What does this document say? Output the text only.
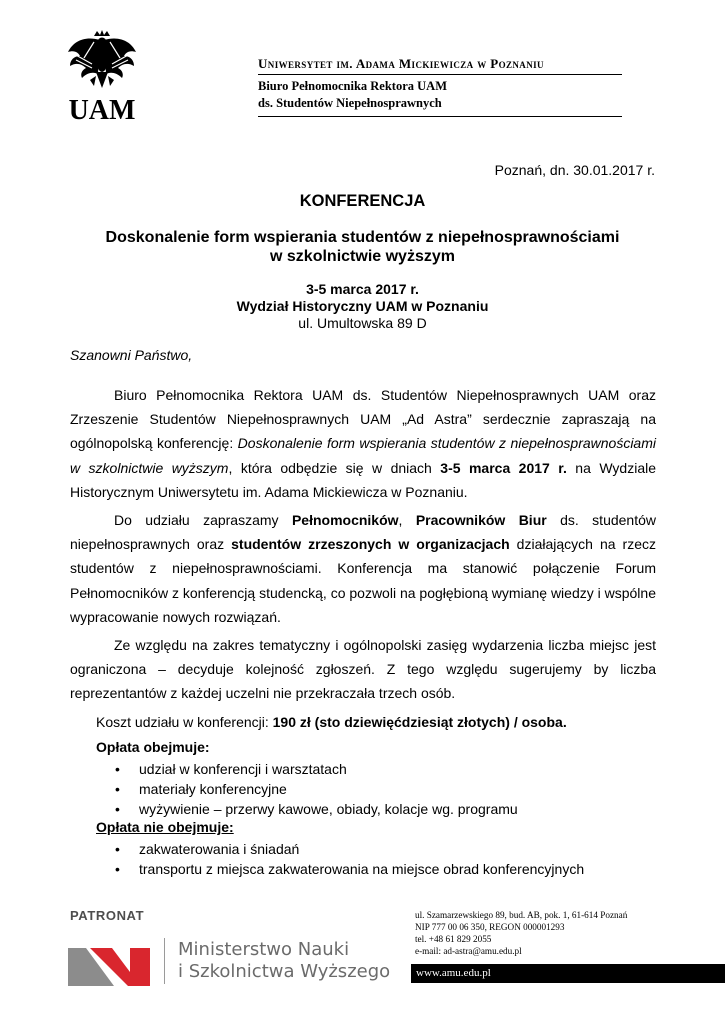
UAM
Uniwersytet im. Adama Mickiewicza w Poznaniu
Biuro Pełnomocnika Rektora UAM
ds. Studentów Niepełnosprawnych
Poznań, dn. 30.01.2017 r.
KONFERENCJA
Doskonalenie form wspierania studentów z niepełnosprawnościami
w szkolnictwie wyższym
3-5 marca 2017 r.
Wydział Historyczny UAM w Poznaniu
ul. Umultowska 89 D
Szanowni Państwo,

Biuro Pełnomocnika Rektora UAM ds. Studentów Niepełnosprawnych UAM oraz Zrzeszenie Studentów Niepełnosprawnych UAM „Ad Astra” serdecznie zapraszają na ogólnopolską konferencję: Doskonalenie form wspierania studentów z niepełnosprawnościami w szkolnictwie wyższym, która odbędzie się w dniach 3-5 marca 2017 r. na Wydziale Historycznym Uniwersytetu im. Adama Mickiewicza w Poznaniu.

Do udziału zapraszamy Pełnomocników, Pracowników Biur ds. studentów niepełnosprawnych oraz studentów zrzeszonych w organizacjach działających na rzecz studentów z niepełnosprawnościami. Konferencja ma stanowić połączenie Forum Pełnomocników z konferencją studencką, co pozwoli na pogłębioną wymianę wiedzy i wspólne wypracowanie nowych rozwiązań.

Ze względu na zakres tematyczny i ogólnopolski zasięg wydarzenia liczba miejsc jest ograniczona – decyduje kolejność zgłoszeń. Z tego względu sugerujemy by liczba reprezentantów z każdej uczelni nie przekraczała trzech osób.

Koszt udziału w konferencji: 190 zł (sto dziewięćdziesiąt złotych) / osoba.
Opłata obejmuje:
• udział w konferencji i warsztatach
• materiały konferencyjne
• wyżywienie – przerwy kawowe, obiady, kolacje wg. programu
Opłata nie obejmuje:
• zakwaterowania i śniadań
• transportu z miejsca zakwaterowania na miejsce obrad konferencyjnych
PATRONAT
Ministerstwo Nauki
i Szkolnictwa Wyższego
ul. Szamarzewskiego 89, bud. AB, pok. 1, 61-614 Poznań
NIP 777 00 06 350, REGON 000001293
tel. +48 61 829 2055
e-mail: ad-astra@amu.edu.pl
www.amu.edu.pl
